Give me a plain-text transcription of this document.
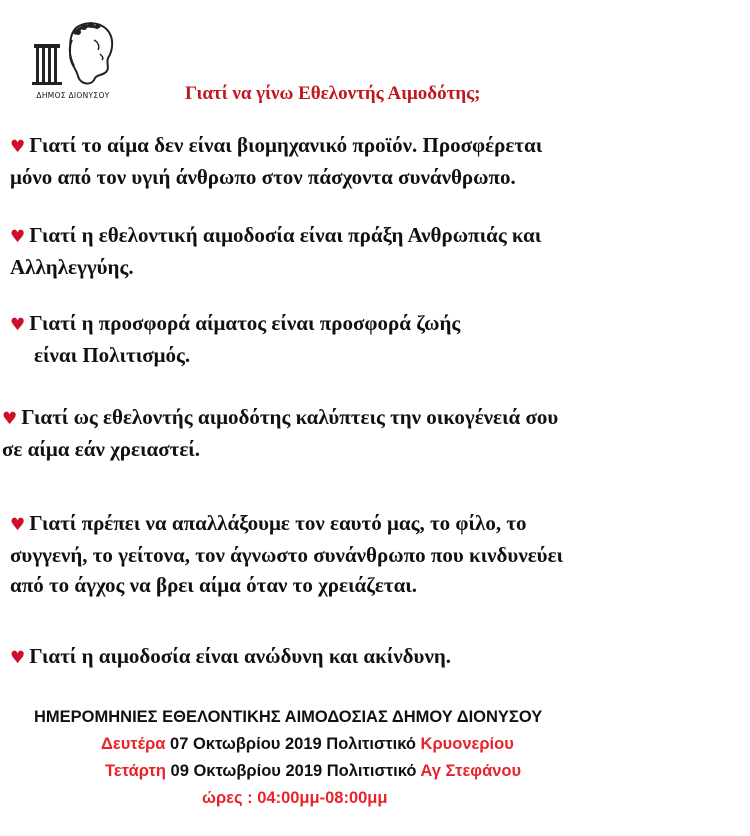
ΔΗΜΟΣ ΔΙΟΝΥΣΟΥ	Γιατί να γίνω Εθελοντής Αιμοδότης;

♥ Γιατί το αίμα δεν είναι βιομηχανικό προϊόν. Προσφέρεται

μόνο από τον υγιή άνθρωπο στον πάσχοντα συνάνθρωπο.

♥ Γιατί η εθελοντική αιμοδοσία είναι πράξη Ανθρωπιάς και

Αλληλεγγύης.

♥ Γιατί η προσφορά αίματος είναι προσφορά ζωής

είναι Πολιτισμός.

♥ Γιατί ως εθελοντής αιμοδότης καλύπτεις την οικογένειά σου

σε αίμα εάν χρειαστεί.

♥ Γιατί πρέπει να απαλλάξουμε τον εαυτό μας, το φίλο, το

συγγενή, το γείτονα, τον άγνωστο συνάνθρωπο που κινδυνεύει

από το άγχος να βρει αίμα όταν το χρειάζεται.

♥ Γιατί η αιμοδοσία είναι ανώδυνη και ακίνδυνη.

ΗΜΕΡΟΜΗΝΙΕΣ ΕΘΕΛΟΝΤΙΚΗΣ ΑΙΜΟΔΟΣΙΑΣ ΔΗΜΟΥ ΔΙΟΝΥΣΟΥ
Δευτέρα 07 Οκτωβρίου 2019 Πολιτιστικό Κρυονερίου
Τετάρτη 09 Οκτωβρίου 2019 Πολιτιστικό Αγ Στεφάνου
ώρες : 04:00μμ-08:00μμ
